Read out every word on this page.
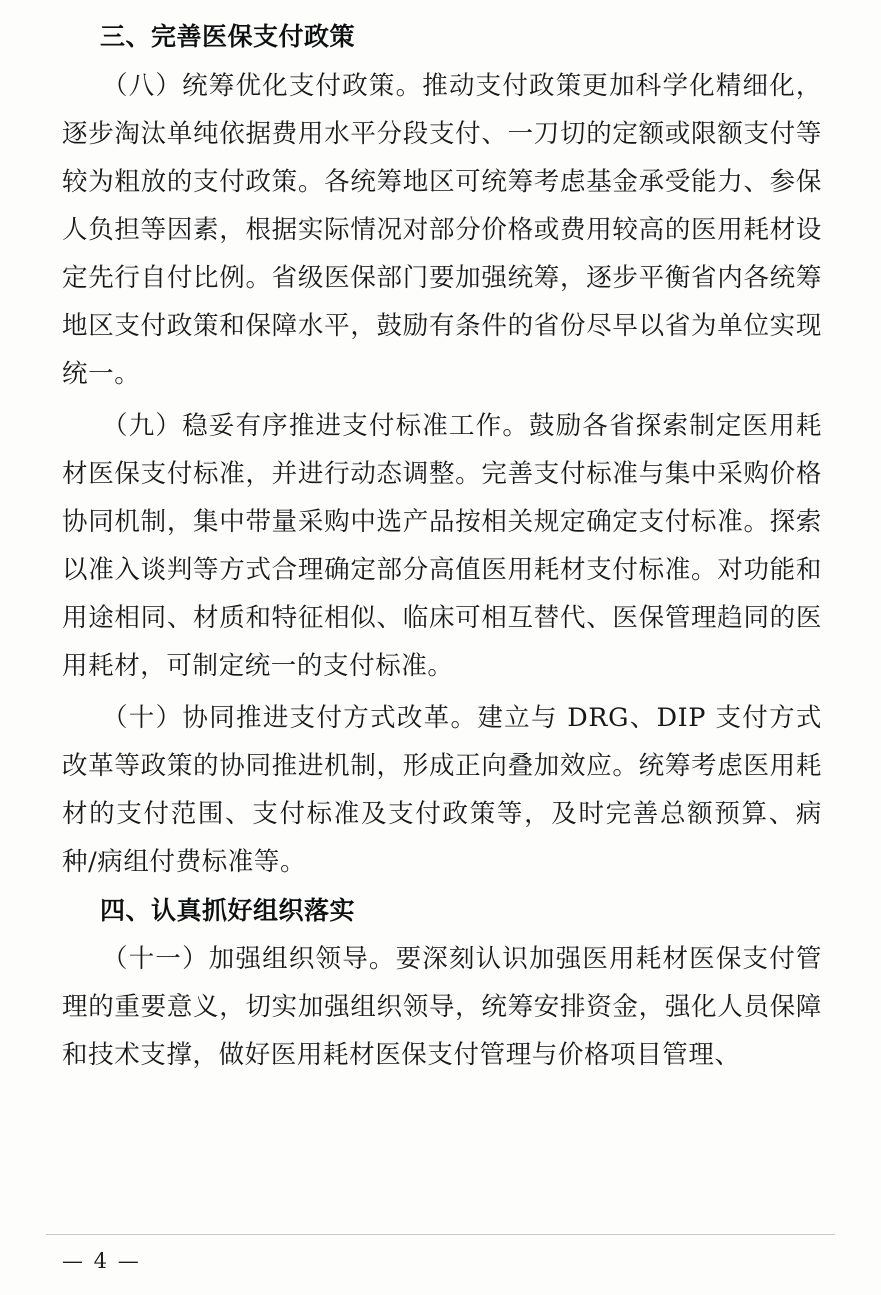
三、完善医保支付政策

（八）统筹优化支付政策。推动支付政策更加科学化精细化，逐步淘汰单纯依据费用水平分段支付、一刀切的定额或限额支付等较为粗放的支付政策。各统筹地区可统筹考虑基金承受能力、参保人负担等因素，根据实际情况对部分价格或费用较高的医用耗材设定先行自付比例。省级医保部门要加强统筹，逐步平衡省内各统筹地区支付政策和保障水平，鼓励有条件的省份尽早以省为单位实现统一。

（九）稳妥有序推进支付标准工作。鼓励各省探索制定医用耗材医保支付标准，并进行动态调整。完善支付标准与集中采购价格协同机制，集中带量采购中选产品按相关规定确定支付标准。探索以准入谈判等方式合理确定部分高值医用耗材支付标准。对功能和用途相同、材质和特征相似、临床可相互替代、医保管理趋同的医用耗材，可制定统一的支付标准。

（十）协同推进支付方式改革。建立与 DRG、DIP 支付方式改革等政策的协同推进机制，形成正向叠加效应。统筹考虑医用耗材的支付范围、支付标准及支付政策等，及时完善总额预算、病种/病组付费标准等。

四、认真抓好组织落实

（十一）加强组织领导。要深刻认识加强医用耗材医保支付管理的重要意义，切实加强组织领导，统筹安排资金，强化人员保障和技术支撑，做好医用耗材医保支付管理与价格项目管理、

— 4 —
